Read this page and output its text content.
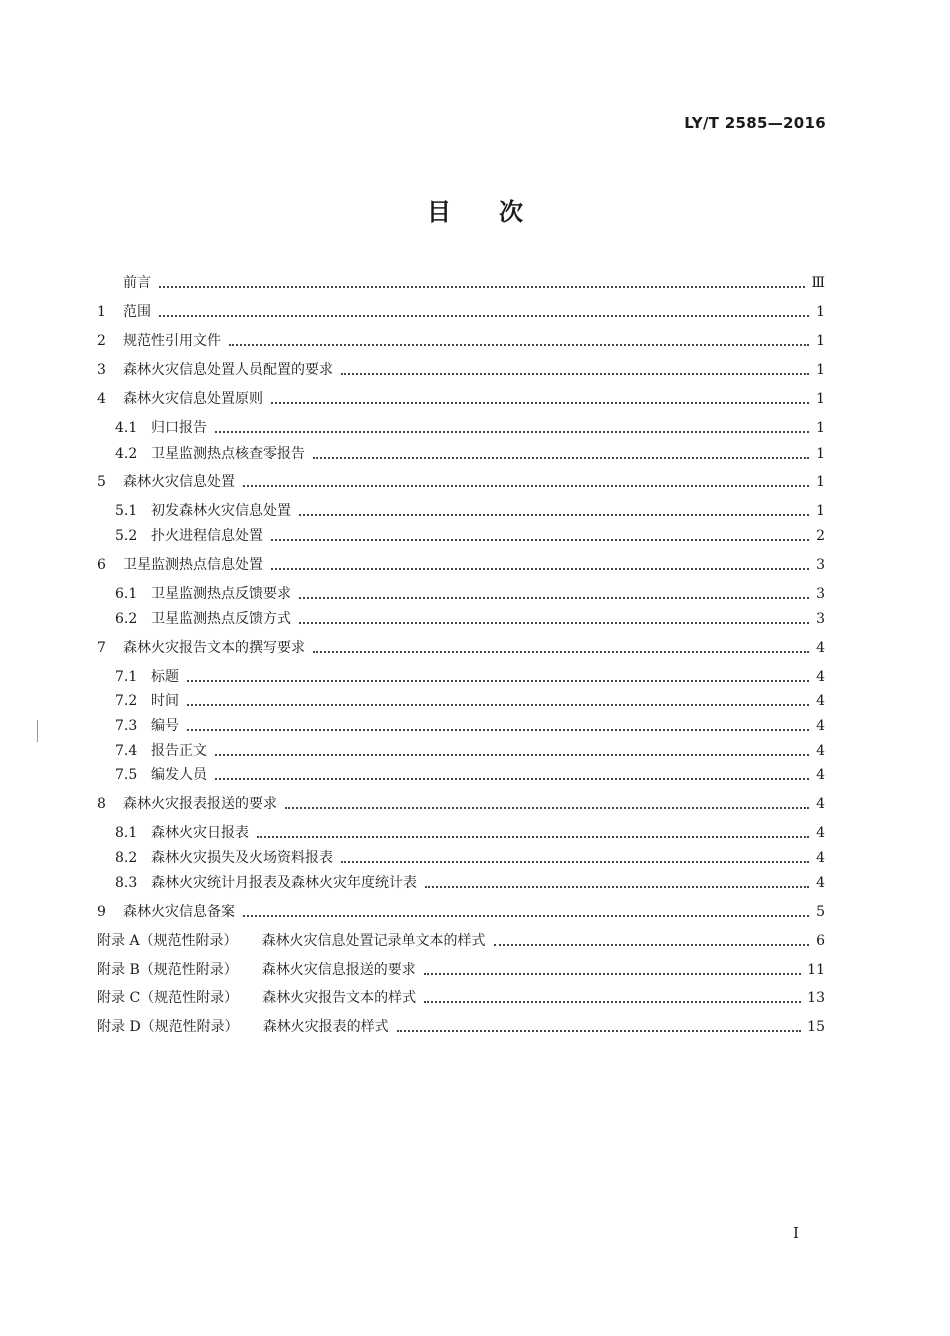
LY/T 2585—2016
目 次
前言	Ⅲ
1	范围	1
2	规范性引用文件	1
3	森林火灾信息处置人员配置的要求	1
4	森林火灾信息处置原则	1
4.1 归口报告	1
4.2 卫星监测热点核查零报告	1
5	森林火灾信息处置	1
5.1 初发森林火灾信息处置	1
5.2 扑火进程信息处置	2
6	卫星监测热点信息处置	3
6.1 卫星监测热点反馈要求	3
6.2 卫星监测热点反馈方式	3
7	森林火灾报告文本的撰写要求	4
7.1 标题	4
7.2 时间	4
7.3 编号	4
7.4 报告正文	4
7.5 编发人员	4
8	森林火灾报表报送的要求	4
8.1 森林火灾日报表	4
8.2 森林火灾损失及火场资料报表	4
8.3 森林火灾统计月报表及森林火灾年度统计表	4
9	森林火灾信息备案	5
附录 A（规范性附录） 森林火灾信息处置记录单文本的样式	6
附录 B（规范性附录） 森林火灾信息报送的要求	11
附录 C（规范性附录） 森林火灾报告文本的样式	13
附录 D（规范性附录） 森林火灾报表的样式	15
I
